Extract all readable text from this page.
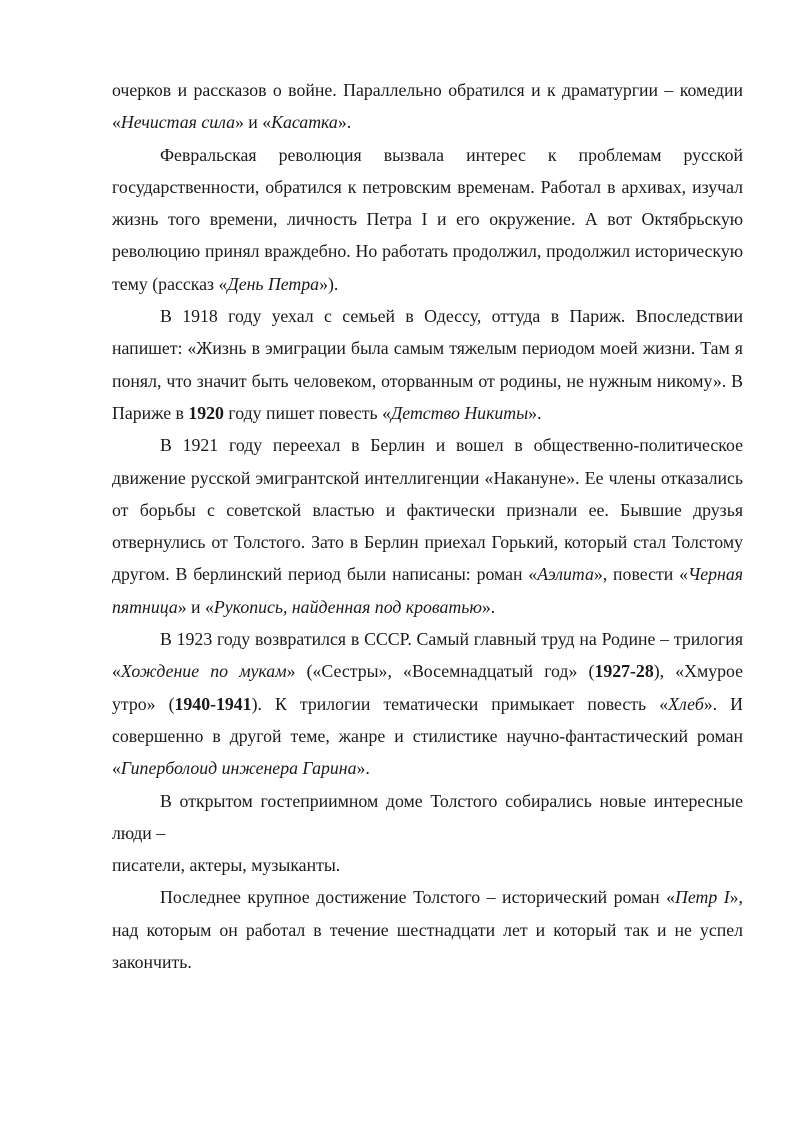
очерков и рассказов о войне. Параллельно обратился и к драматургии – комедии «Нечистая сила» и «Касатка».

Февральская революция вызвала интерес к проблемам русской государственности, обратился к петровским временам. Работал в архивах, изучал жизнь того времени, личность Петра I и его окружение. А вот Октябрьскую революцию принял враждебно. Но работать продолжил, продолжил историческую тему (рассказ «День Петра»).

В 1918 году уехал с семьей в Одессу, оттуда в Париж. Впоследствии напишет: «Жизнь в эмиграции была самым тяжелым периодом моей жизни. Там я понял, что значит быть человеком, оторванным от родины, не нужным никому». В Париже в 1920 году пишет повесть «Детство Никиты».

В 1921 году переехал в Берлин и вошел в общественно-политическое движение русской эмигрантской интеллигенции «Накануне». Ее члены отказались от борьбы с советской властью и фактически признали ее. Бывшие друзья отвернулись от Толстого. Зато в Берлин приехал Горький, который стал Толстому другом. В берлинский период были написаны: роман «Аэлита», повести «Черная пятница» и «Рукопись, найденная под кроватью».

В 1923 году возвратился в СССР. Самый главный труд на Родине – трилогия «Хождение по мукам» («Сестры», «Восемнадцатый год» (1927-28), «Хмурое утро» (1940-1941). К трилогии тематически примыкает повесть «Хлеб». И совершенно в другой теме, жанре и стилистике научно-фантастический роман «Гиперболоид инженера Гарина».

В открытом гостеприимном доме Толстого собирались новые интересные люди –

писатели, актеры, музыканты.

Последнее крупное достижение Толстого – исторический роман «Петр I», над которым он работал в течение шестнадцати лет и который так и не успел закончить.
